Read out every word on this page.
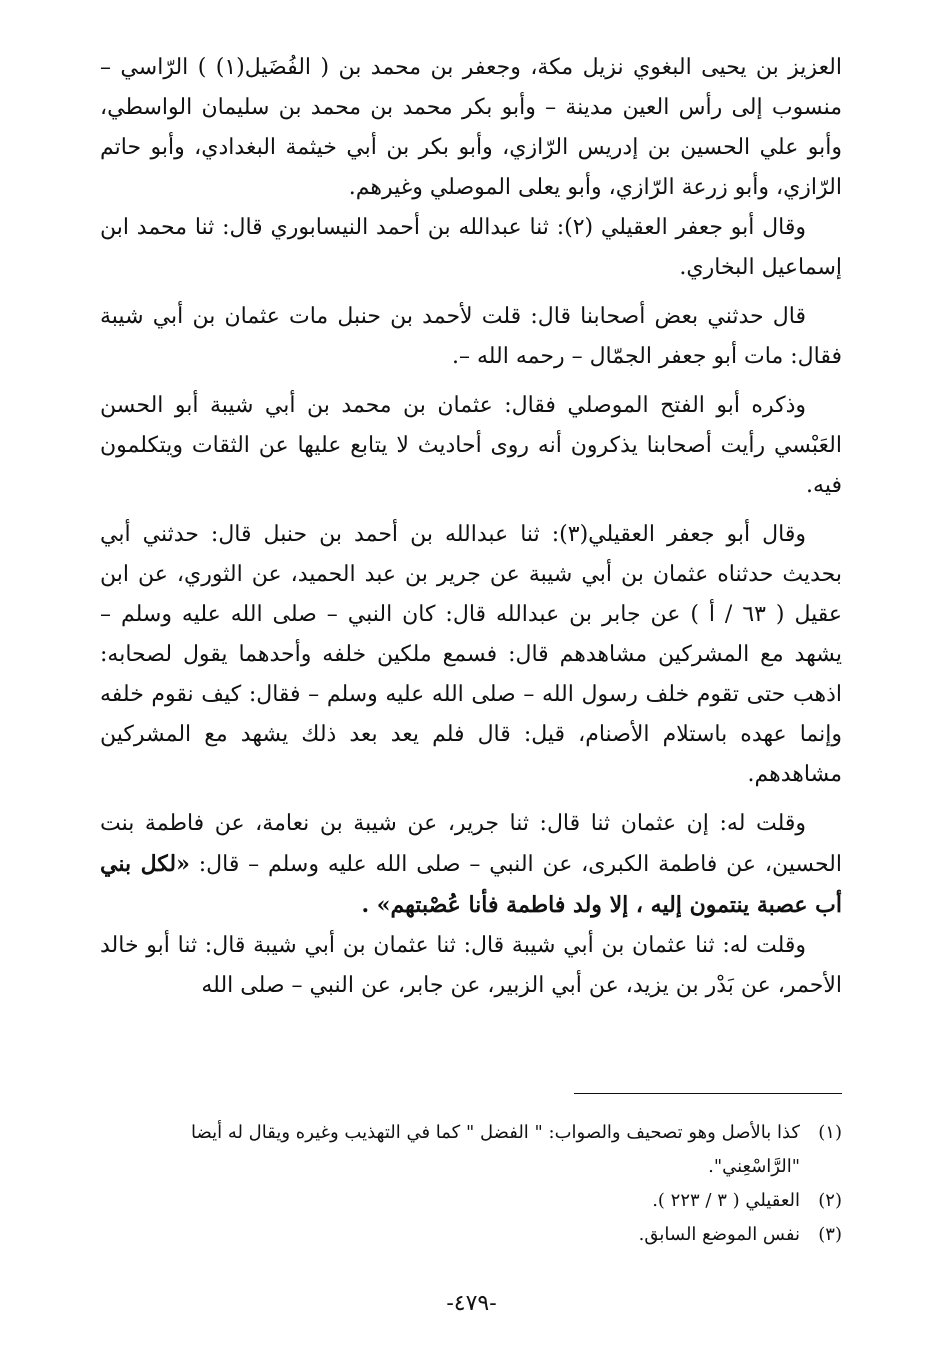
العزيز بن يحيى البغوي نزيل مكة، وجعفر بن محمد بن ( الفُضَيل(١) ) الرّاسي – منسوب إلى رأس العين مدينة – وأبو بكر محمد بن محمد بن سليمان الواسطي، وأبو علي الحسين بن إدريس الرّازي، وأبو بكر بن أبي خيثمة البغدادي، وأبو حاتم الرّازي، وأبو زرعة الرّازي، وأبو يعلى الموصلي وغيرهم.

وقال أبو جعفر العقيلي (٢): ثنا عبدالله بن أحمد النيسابوري قال: ثنا محمد ابن إسماعيل البخاري.

قال حدثني بعض أصحابنا قال: قلت لأحمد بن حنبل مات عثمان بن أبي شيبة فقال: مات أبو جعفر الجمّال – رحمه الله –.

وذكره أبو الفتح الموصلي فقال: عثمان بن محمد بن أبي شيبة أبو الحسن العَبْسي رأيت أصحابنا يذكرون أنه روى أحاديث لا يتابع عليها عن الثقات ويتكلمون فيه.

وقال أبو جعفر العقيلي(٣): ثنا عبدالله بن أحمد بن حنبل قال: حدثني أبي بحديث حدثناه عثمان بن أبي شيبة عن جرير بن عبد الحميد، عن الثوري، عن ابن عقيل ( ٦٣ / أ ) عن جابر بن عبدالله قال: كان النبي – صلى الله عليه وسلم – يشهد مع المشركين مشاهدهم قال: فسمع ملكين خلفه وأحدهما يقول لصحابه: اذهب حتى تقوم خلف رسول الله – صلى الله عليه وسلم – فقال: كيف نقوم خلفه وإنما عهده باستلام الأصنام، قيل: قال فلم يعد بعد ذلك يشهد مع المشركين مشاهدهم.

وقلت له: إن عثمان ثنا قال: ثنا جرير، عن شيبة بن نعامة، عن فاطمة بنت الحسين، عن فاطمة الكبرى، عن النبي – صلى الله عليه وسلم – قال: «لكل بني أب عصبة ينتمون إليه ، إلا ولد فاطمة فأنا عُصْبتهم» .

وقلت له: ثنا عثمان بن أبي شيبة قال: ثنا عثمان بن أبي شيبة قال: ثنا أبو خالد الأحمر، عن بَدْر بن يزيد، عن أبي الزبير، عن جابر، عن النبي – صلى الله

(١)كذا بالأصل وهو تصحيف والصواب: " الفضل " كما في التهذيب وغيره ويقال له أيضا "الرَّاسْعِني".

(٢)العقيلي ( ٣ / ٢٢٣ ).

(٣)نفس الموضع السابق.

-٤٧٩-
